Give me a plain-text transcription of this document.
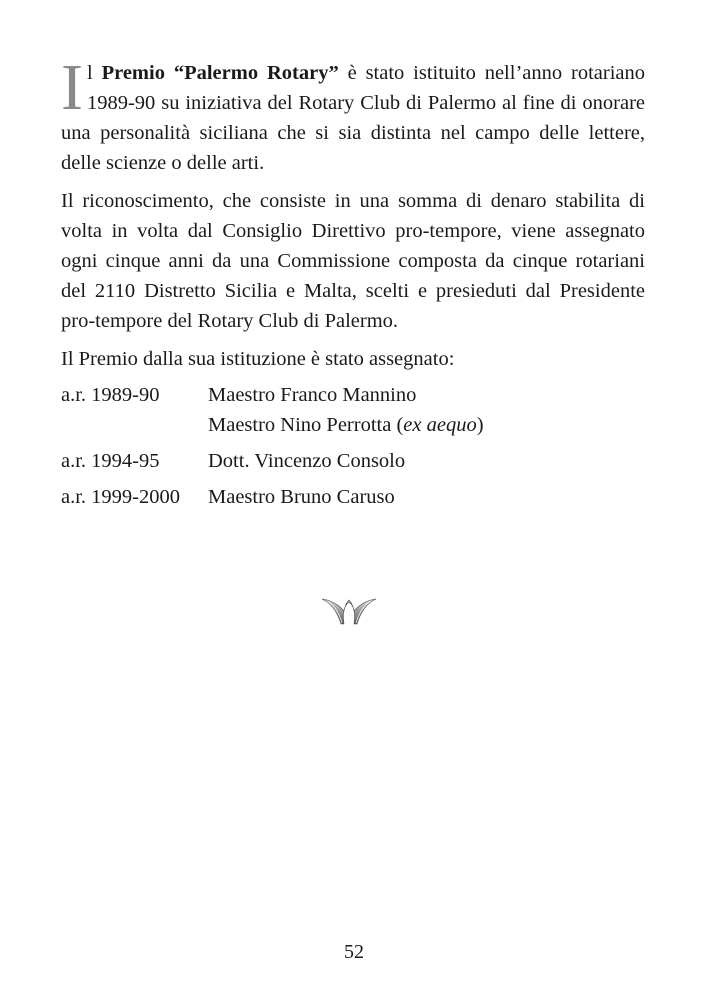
Il Premio “Palermo Rotary” è stato istituito nell’anno rotariano 1989-90 su iniziativa del Rotary Club di Palermo al fine di onorare una personalità siciliana che si sia distinta nel campo delle lettere, delle scienze o delle arti.

Il riconoscimento, che consiste in una somma di denaro stabilita di volta in volta dal Consiglio Direttivo pro-tempore, viene assegnato ogni cinque anni da una Commissione composta da cinque rotariani del 2110 Distretto Sicilia e Malta, scelti e presieduti dal Presidente pro-tempore del Rotary Club di Palermo.

Il Premio dalla sua istituzione è stato assegnato:

a.r. 1989-90	Maestro Franco Mannino
Maestro Nino Perrotta (ex aequo)
a.r. 1994-95	Dott. Vincenzo Consolo
a.r. 1999-2000	Maestro Bruno Caruso
52
